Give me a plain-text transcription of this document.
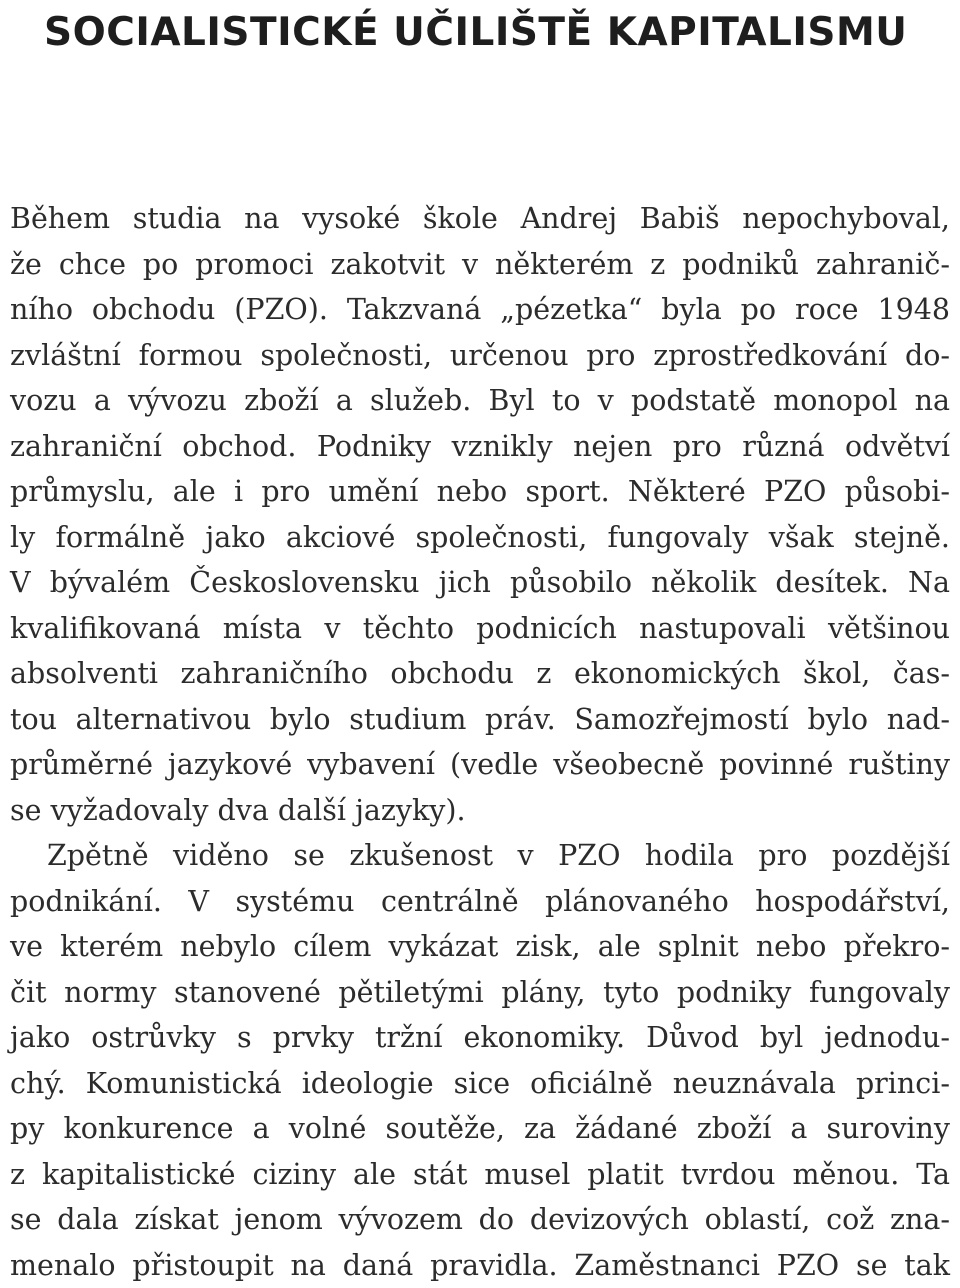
SOCIALISTICKÉ UČILIŠTĚ KAPITALISMU
Během studia na vysoké škole Andrej Babiš nepochyboval,
že chce po promoci zakotvit v některém z podniků zahranič-
ního obchodu (PZO). Takzvaná „pézetka“ byla po roce 1948
zvláštní formou společnosti, určenou pro zprostředkování do-
vozu a vývozu zboží a služeb. Byl to v podstatě monopol na
zahraniční obchod. Podniky vznikly nejen pro různá odvětví
průmyslu, ale i pro umění nebo sport. Některé PZO působi-
ly formálně jako akciové společnosti, fungovaly však stejně.
V bývalém Československu jich působilo několik desítek. Na
kvalifikovaná místa v těchto podnicích nastupovali většinou
absolventi zahraničního obchodu z ekonomických škol, čas-
tou alternativou bylo studium práv. Samozřejmostí bylo nad-
průměrné jazykové vybavení (vedle všeobecně povinné ruštiny
se vyžadovaly dva další jazyky).
Zpětně viděno se zkušenost v PZO hodila pro pozdější
podnikání. V systému centrálně plánovaného hospodářství,
ve kterém nebylo cílem vykázat zisk, ale splnit nebo překro-
čit normy stanovené pětiletými plány, tyto podniky fungovaly
jako ostrůvky s prvky tržní ekonomiky. Důvod byl jednodu-
chý. Komunistická ideologie sice oficiálně neuznávala princi-
py konkurence a volné soutěže, za žádané zboží a suroviny
z kapitalistické ciziny ale stát musel platit tvrdou měnou. Ta
se dala získat jenom vývozem do devizových oblastí, což zna-
menalo přistoupit na daná pravidla. Zaměstnanci PZO se tak
